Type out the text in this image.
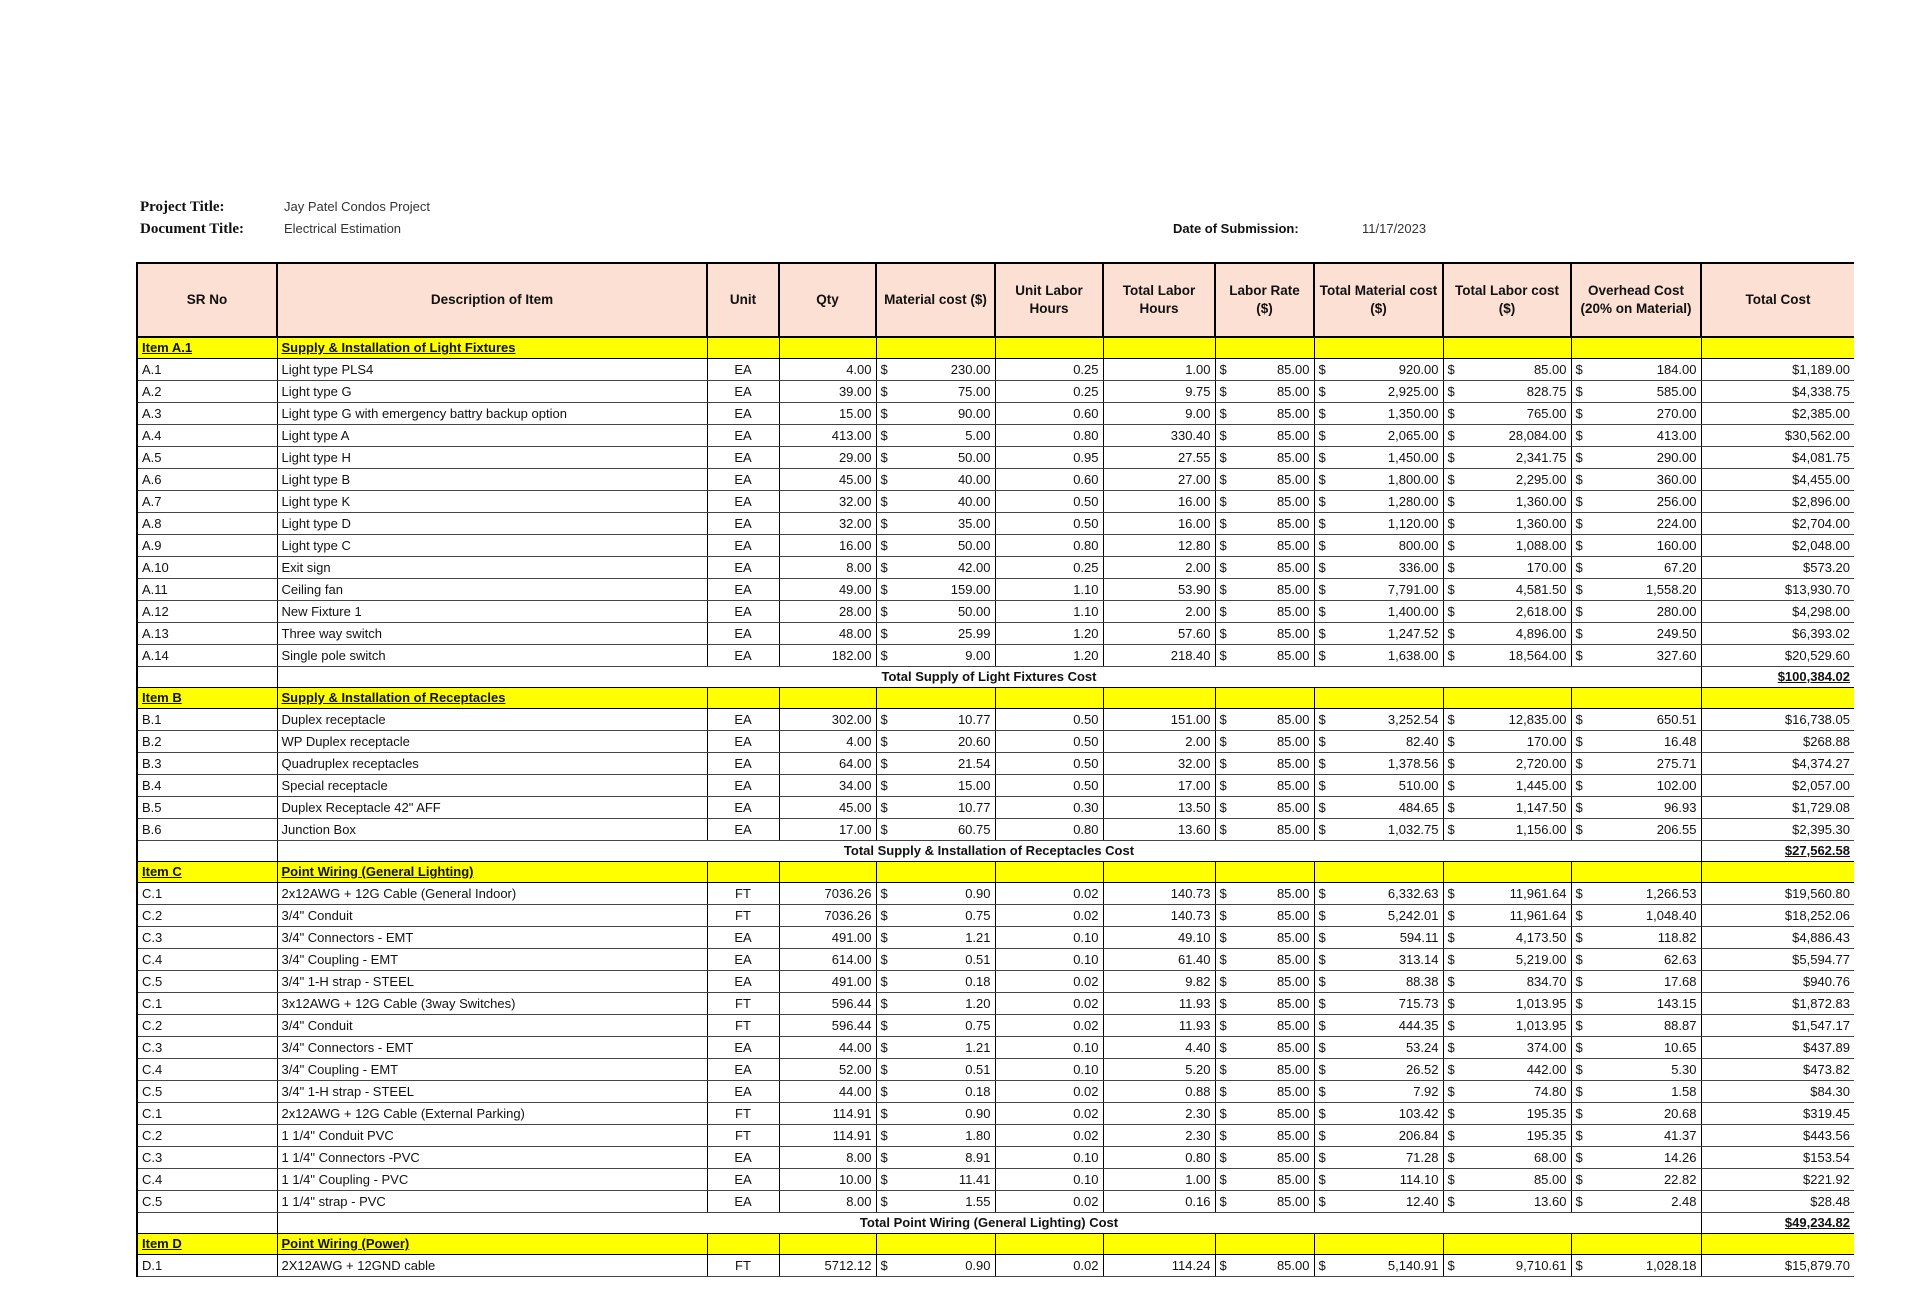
Project Title:	Jay Patel Condos Project
Document Title:	Electrical Estimation	Date of Submission:	11/17/2023
SR No	Description of Item	Unit	Qty	Material cost ($)	Unit Labor Hours	Total Labor Hours	Labor Rate ($)	Total Material cost ($)	Total Labor cost ($)	Overhead Cost (20% on Material)	Total Cost
Item A.1	Supply & Installation of Light Fixtures										
A.1	Light type PLS4	EA	4.00	$ 230.00	0.25	1.00	$ 85.00	$ 920.00	$ 85.00	$ 184.00	$1,189.00
A.2	Light type G	EA	39.00	$ 75.00	0.25	9.75	$ 85.00	$ 2,925.00	$ 828.75	$ 585.00	$4,338.75
A.3	Light type G with emergency battry backup option	EA	15.00	$ 90.00	0.60	9.00	$ 85.00	$ 1,350.00	$ 765.00	$ 270.00	$2,385.00
A.4	Light type A	EA	413.00	$ 5.00	0.80	330.40	$ 85.00	$ 2,065.00	$ 28,084.00	$ 413.00	$30,562.00
A.5	Light type H	EA	29.00	$ 50.00	0.95	27.55	$ 85.00	$ 1,450.00	$ 2,341.75	$ 290.00	$4,081.75
A.6	Light type B	EA	45.00	$ 40.00	0.60	27.00	$ 85.00	$ 1,800.00	$ 2,295.00	$ 360.00	$4,455.00
A.7	Light type K	EA	32.00	$ 40.00	0.50	16.00	$ 85.00	$ 1,280.00	$ 1,360.00	$ 256.00	$2,896.00
A.8	Light type D	EA	32.00	$ 35.00	0.50	16.00	$ 85.00	$ 1,120.00	$ 1,360.00	$ 224.00	$2,704.00
A.9	Light type C	EA	16.00	$ 50.00	0.80	12.80	$ 85.00	$ 800.00	$ 1,088.00	$ 160.00	$2,048.00
A.10	Exit sign	EA	8.00	$ 42.00	0.25	2.00	$ 85.00	$ 336.00	$ 170.00	$ 67.20	$573.20
A.11	Ceiling fan	EA	49.00	$ 159.00	1.10	53.90	$ 85.00	$ 7,791.00	$ 4,581.50	$ 1,558.20	$13,930.70
A.12	New Fixture 1	EA	28.00	$ 50.00	1.10	2.00	$ 85.00	$ 1,400.00	$ 2,618.00	$ 280.00	$4,298.00
A.13	Three way switch	EA	48.00	$ 25.99	1.20	57.60	$ 85.00	$ 1,247.52	$ 4,896.00	$ 249.50	$6,393.02
A.14	Single pole switch	EA	182.00	$ 9.00	1.20	218.40	$ 85.00	$ 1,638.00	$ 18,564.00	$ 327.60	$20,529.60
	Total Supply of Light Fixtures Cost										$100,384.02
Item B	Supply & Installation of Receptacles										
B.1	Duplex receptacle	EA	302.00	$ 10.77	0.50	151.00	$ 85.00	$ 3,252.54	$ 12,835.00	$ 650.51	$16,738.05
B.2	WP Duplex receptacle	EA	4.00	$ 20.60	0.50	2.00	$ 85.00	$ 82.40	$ 170.00	$ 16.48	$268.88
B.3	Quadruplex receptacles	EA	64.00	$ 21.54	0.50	32.00	$ 85.00	$ 1,378.56	$ 2,720.00	$ 275.71	$4,374.27
B.4	Special receptacle	EA	34.00	$ 15.00	0.50	17.00	$ 85.00	$ 510.00	$ 1,445.00	$ 102.00	$2,057.00
B.5	Duplex Receptacle 42" AFF	EA	45.00	$ 10.77	0.30	13.50	$ 85.00	$ 484.65	$ 1,147.50	$ 96.93	$1,729.08
B.6	Junction Box	EA	17.00	$ 60.75	0.80	13.60	$ 85.00	$ 1,032.75	$ 1,156.00	$ 206.55	$2,395.30
	Total Supply & Installation of Receptacles Cost										$27,562.58
Item C	Point Wiring (General Lighting)										
C.1	2x12AWG + 12G Cable (General Indoor)	FT	7036.26	$ 0.90	0.02	140.73	$ 85.00	$ 6,332.63	$ 11,961.64	$ 1,266.53	$19,560.80
C.2	3/4" Conduit	FT	7036.26	$ 0.75	0.02	140.73	$ 85.00	$ 5,242.01	$ 11,961.64	$ 1,048.40	$18,252.06
C.3	3/4" Connectors - EMT	EA	491.00	$ 1.21	0.10	49.10	$ 85.00	$ 594.11	$ 4,173.50	$ 118.82	$4,886.43
C.4	3/4" Coupling - EMT	EA	614.00	$ 0.51	0.10	61.40	$ 85.00	$ 313.14	$ 5,219.00	$ 62.63	$5,594.77
C.5	3/4" 1-H strap - STEEL	EA	491.00	$ 0.18	0.02	9.82	$ 85.00	$ 88.38	$ 834.70	$ 17.68	$940.76
C.1	3x12AWG + 12G Cable (3way Switches)	FT	596.44	$ 1.20	0.02	11.93	$ 85.00	$ 715.73	$ 1,013.95	$ 143.15	$1,872.83
C.2	3/4" Conduit	FT	596.44	$ 0.75	0.02	11.93	$ 85.00	$ 444.35	$ 1,013.95	$ 88.87	$1,547.17
C.3	3/4" Connectors - EMT	EA	44.00	$ 1.21	0.10	4.40	$ 85.00	$ 53.24	$ 374.00	$ 10.65	$437.89
C.4	3/4" Coupling - EMT	EA	52.00	$ 0.51	0.10	5.20	$ 85.00	$ 26.52	$ 442.00	$ 5.30	$473.82
C.5	3/4" 1-H strap - STEEL	EA	44.00	$ 0.18	0.02	0.88	$ 85.00	$ 7.92	$ 74.80	$ 1.58	$84.30
C.1	2x12AWG + 12G Cable (External Parking)	FT	114.91	$ 0.90	0.02	2.30	$ 85.00	$ 103.42	$ 195.35	$ 20.68	$319.45
C.2	1 1/4" Conduit PVC	FT	114.91	$ 1.80	0.02	2.30	$ 85.00	$ 206.84	$ 195.35	$ 41.37	$443.56
C.3	1 1/4" Connectors -PVC	EA	8.00	$ 8.91	0.10	0.80	$ 85.00	$ 71.28	$ 68.00	$ 14.26	$153.54
C.4	1 1/4" Coupling - PVC	EA	10.00	$ 11.41	0.10	1.00	$ 85.00	$ 114.10	$ 85.00	$ 22.82	$221.92
C.5	1 1/4" strap - PVC	EA	8.00	$ 1.55	0.02	0.16	$ 85.00	$ 12.40	$ 13.60	$ 2.48	$28.48
	Total Point Wiring (General Lighting) Cost										$49,234.82
Item D	Point Wiring (Power)										
D.1	2X12AWG + 12GND cable	FT	5712.12	$ 0.90	0.02	114.24	$ 85.00	$ 5,140.91	$ 9,710.61	$ 1,028.18	$15,879.70
